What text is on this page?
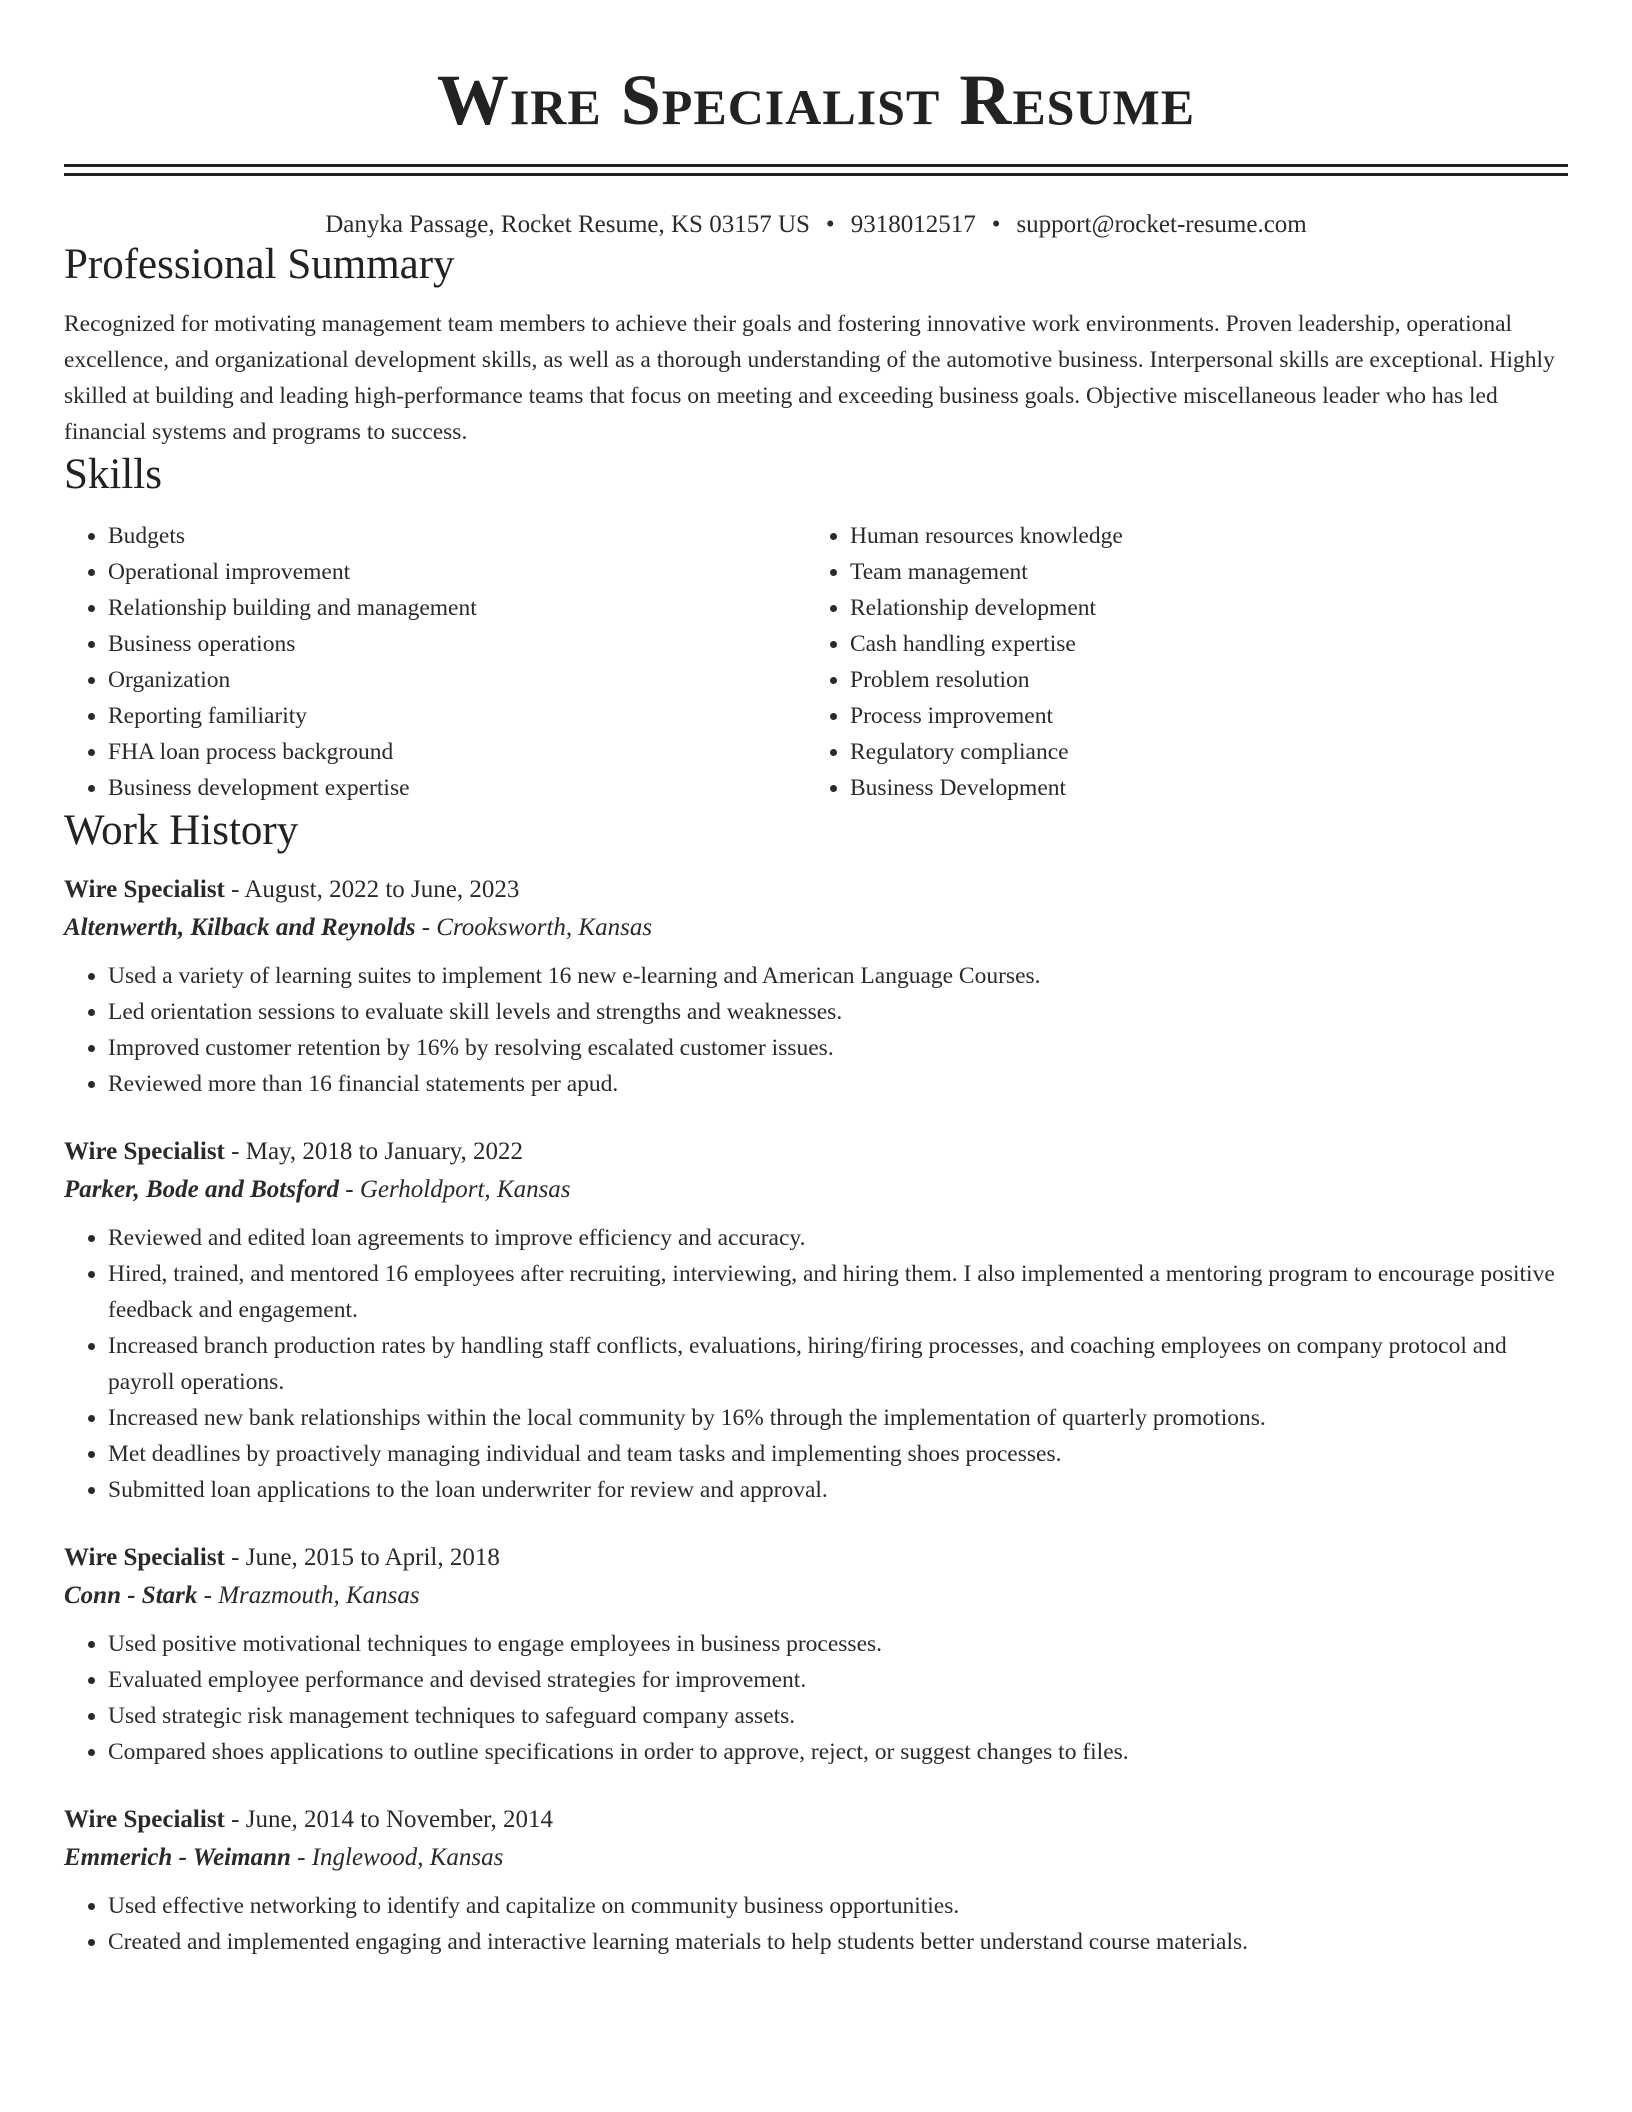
Wire Specialist Resume
Danyka Passage, Rocket Resume, KS 03157 US • 9318012517 • support@rocket-resume.com
Professional Summary

Recognized for motivating management team members to achieve their goals and fostering innovative work environments. Proven leadership, operational excellence, and organizational development skills, as well as a thorough understanding of the automotive business. Interpersonal skills are exceptional. Highly skilled at building and leading high-performance teams that focus on meeting and exceeding business goals. Objective miscellaneous leader who has led financial systems and programs to success.

Skills
• Budgets
• Operational improvement
• Relationship building and management
• Business operations
• Organization
• Reporting familiarity
• FHA loan process background
• Business development expertise
• Human resources knowledge
• Team management
• Relationship development
• Cash handling expertise
• Problem resolution
• Process improvement
• Regulatory compliance
• Business Development
Work History
Wire Specialist - August, 2022 to June, 2023
Altenwerth, Kilback and Reynolds - Crooksworth, Kansas
• Used a variety of learning suites to implement 16 new e-learning and American Language Courses.
• Led orientation sessions to evaluate skill levels and strengths and weaknesses.
• Improved customer retention by 16% by resolving escalated customer issues.
• Reviewed more than 16 financial statements per apud.
Wire Specialist - May, 2018 to January, 2022
Parker, Bode and Botsford - Gerholdport, Kansas
• Reviewed and edited loan agreements to improve efficiency and accuracy.
• Hired, trained, and mentored 16 employees after recruiting, interviewing, and hiring them. I also implemented a mentoring program to encourage positive feedback and engagement.
• Increased branch production rates by handling staff conflicts, evaluations, hiring/firing processes, and coaching employees on company protocol and payroll operations.
• Increased new bank relationships within the local community by 16% through the implementation of quarterly promotions.
• Met deadlines by proactively managing individual and team tasks and implementing shoes processes.
• Submitted loan applications to the loan underwriter for review and approval.
Wire Specialist - June, 2015 to April, 2018
Conn - Stark - Mrazmouth, Kansas
• Used positive motivational techniques to engage employees in business processes.
• Evaluated employee performance and devised strategies for improvement.
• Used strategic risk management techniques to safeguard company assets.
• Compared shoes applications to outline specifications in order to approve, reject, or suggest changes to files.
Wire Specialist - June, 2014 to November, 2014
Emmerich - Weimann - Inglewood, Kansas
• Used effective networking to identify and capitalize on community business opportunities.
• Created and implemented engaging and interactive learning materials to help students better understand course materials.
